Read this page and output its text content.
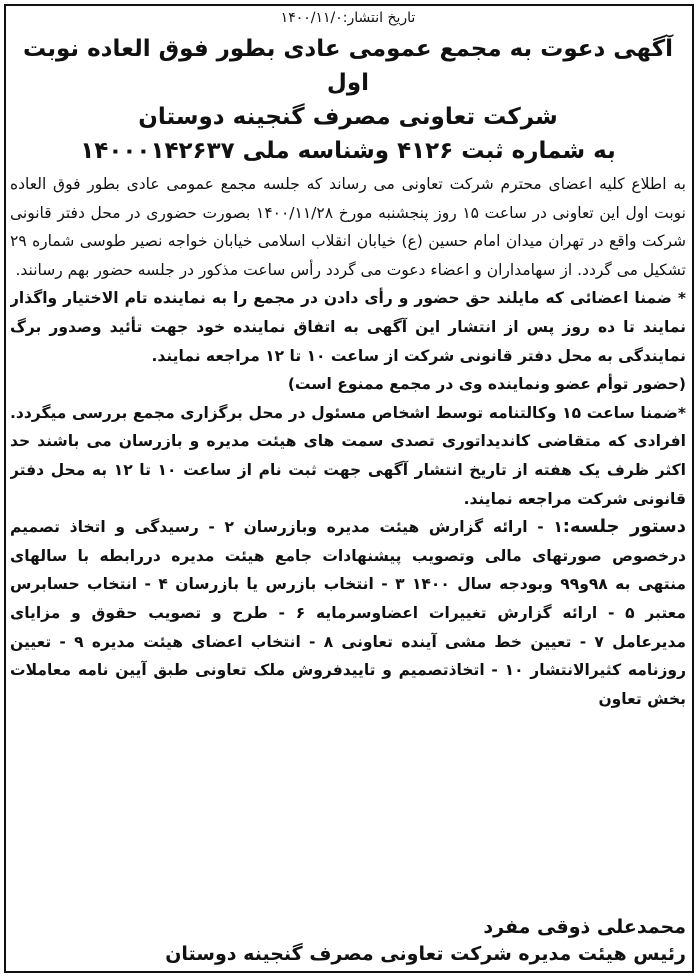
تاریخ انتشار:۱۴۰۰/۱۱/۰
آگهی دعوت به مجمع عمومی عادی بطور فوق العاده نوبت اول
شرکت تعاونی مصرف گنجینه دوستان
به شماره ثبت ۴۱۲۶ وشناسه ملی ۱۴۰۰۰۱۴۲۶۳۷

به اطلاع کلیه اعضای محترم شرکت تعاونی می رساند که جلسه مجمع عمومی عادی بطور فوق العاده نوبت اول این تعاونی در ساعت ۱۵ روز پنجشنبه مورخ ۱۴۰۰/۱۱/۲۸ بصورت حضوری در محل دفتر قانونی شرکت واقع در تهران میدان امام حسین (ع) خیابان انقلاب اسلامی خیابان خواجه نصیر طوسی شماره ۲۹ تشکیل می گردد. از سهامداران و اعضاء دعوت می گردد رأس ساعت مذکور در جلسه حضور بهم رسانند.

* ضمنا اعضائی که مایلند حق حضور و رأی دادن در مجمع را به نماینده تام الاختیار واگذار نمایند تا ده روز پس از انتشار این آگهی به اتفاق نماینده خود جهت تأئید وصدور برگ نمایندگی به محل دفتر قانونی شرکت از ساعت ۱۰ تا ۱۲ مراجعه نمایند.

(حضور توأم عضو ونماینده وی در مجمع ممنوع است)

*ضمنا ساعت ۱۵ وکالتنامه توسط اشخاص مسئول در محل برگزاری مجمع بررسی میگردد. افرادی که متقاضی کاندیداتوری تصدی سمت های هیئت مدیره و بازرسان می باشند حد اکثر ظرف یک هفته از تاریخ انتشار آگهی جهت ثبت نام از ساعت ۱۰ تا ۱۲ به محل دفتر قانونی شرکت مراجعه نمایند.

دستور جلسه:۱ - ارائه گزارش هیئت مدیره وبازرسان ۲ - رسیدگی و اتخاذ تصمیم درخصوص صورتهای مالی وتصویب پیشنهادات جامع هیئت مدیره دررابطه با سالهای منتهی به ۹۸و۹۹ وبودجه سال ۱۴۰۰ ۳ - انتخاب بازرس یا بازرسان ۴ - انتخاب حسابرس معتبر ۵ - ارائه گزارش تغییرات اعضاوسرمایه ۶ - طرح و تصویب حقوق و مزایای مدیرعامل ۷ - تعیین خط مشی آینده تعاونی ۸ - انتخاب اعضای هیئت مدیره ۹ - تعیین روزنامه کثیرالانتشار ۱۰ - اتخاذتصمیم و تاییدفروش ملک تعاونی طبق آیین نامه معاملات بخش تعاون

محمدعلی ذوقی مفرد
رئیس هیئت مدیره شرکت تعاونی مصرف گنجینه دوستان
